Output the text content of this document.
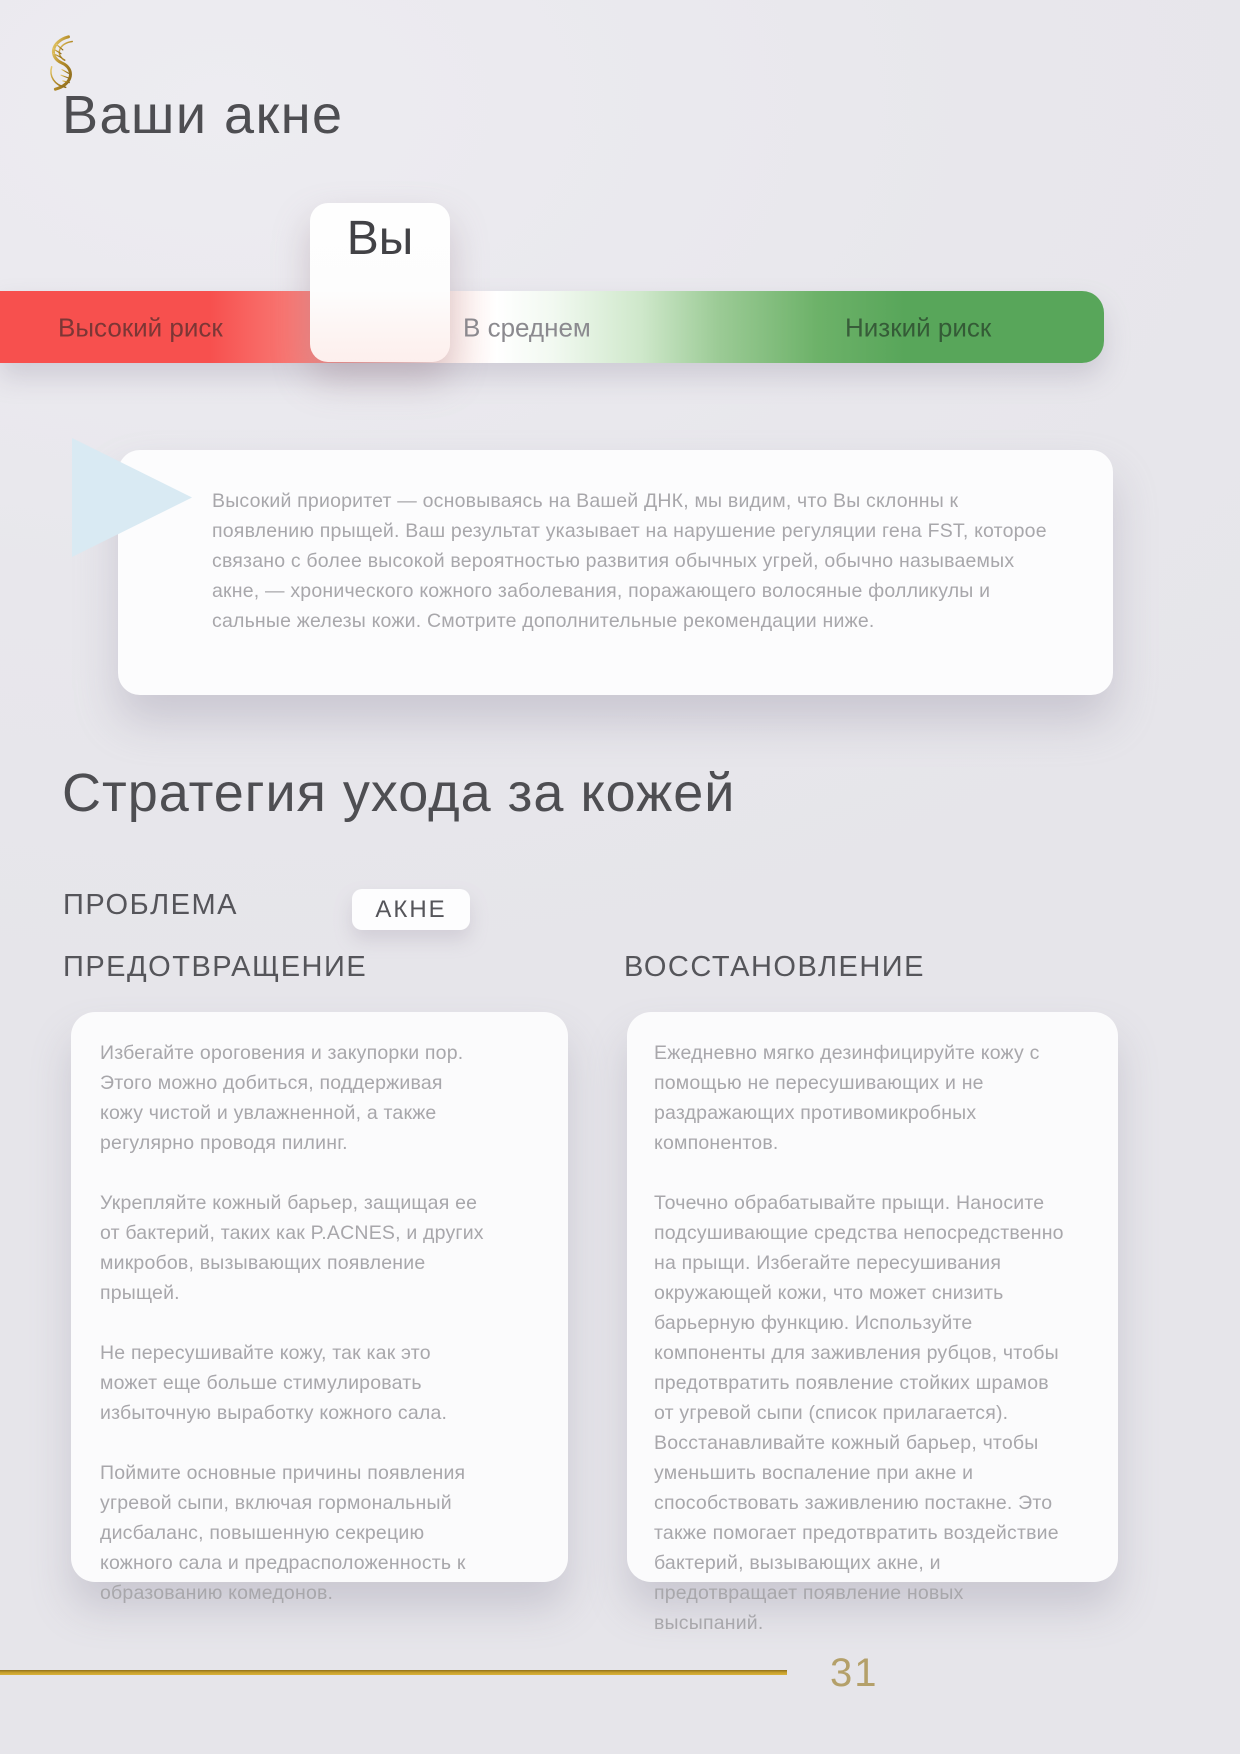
Ваши акне
Высокий риск	В среднем	Низкий риск
Вы

Высокий приоритет — основываясь на Вашей ДНК, мы видим, что Вы склонны к появлению прыщей. Ваш результат указывает на нарушение регуляции гена FST, которое связано с более высокой вероятностью развития обычных угрей, обычно называемых акне, — хронического кожного заболевания, поражающего волосяные фолликулы и сальные железы кожи. Смотрите дополнительные рекомендации ниже.

Стратегия ухода за кожей
ПРОБЛЕМА	АКНЕ
ПРЕДОТВРАЩЕНИЕ	ВОССТАНОВЛЕНИЕ

Избегайте ороговения и закупорки пор. Этого можно добиться, поддерживая кожу чистой и увлажненной, а также регулярно проводя пилинг.

Укрепляйте кожный барьер, защищая ее от бактерий, таких как P.ACNES, и других микробов, вызывающих появление прыщей.

Не пересушивайте кожу, так как это может еще больше стимулировать избыточную выработку кожного сала.

Поймите основные причины появления угревой сыпи, включая гормональный дисбаланс, повышенную секрецию кожного сала и предрасположенность к образованию комедонов.

Ежедневно мягко дезинфицируйте кожу с помощью не пересушивающих и не раздражающих противомикробных компонентов.

Точечно обрабатывайте прыщи. Наносите подсушивающие средства непосредственно на прыщи. Избегайте пересушивания окружающей кожи, что может снизить барьерную функцию. Используйте компоненты для заживления рубцов, чтобы предотвратить появление стойких шрамов от угревой сыпи (список прилагается). Восстанавливайте кожный барьер, чтобы уменьшить воспаление при акне и способствовать заживлению постакне. Это также помогает предотвратить воздействие бактерий, вызывающих акне, и предотвращает появление новых высыпаний.

31
